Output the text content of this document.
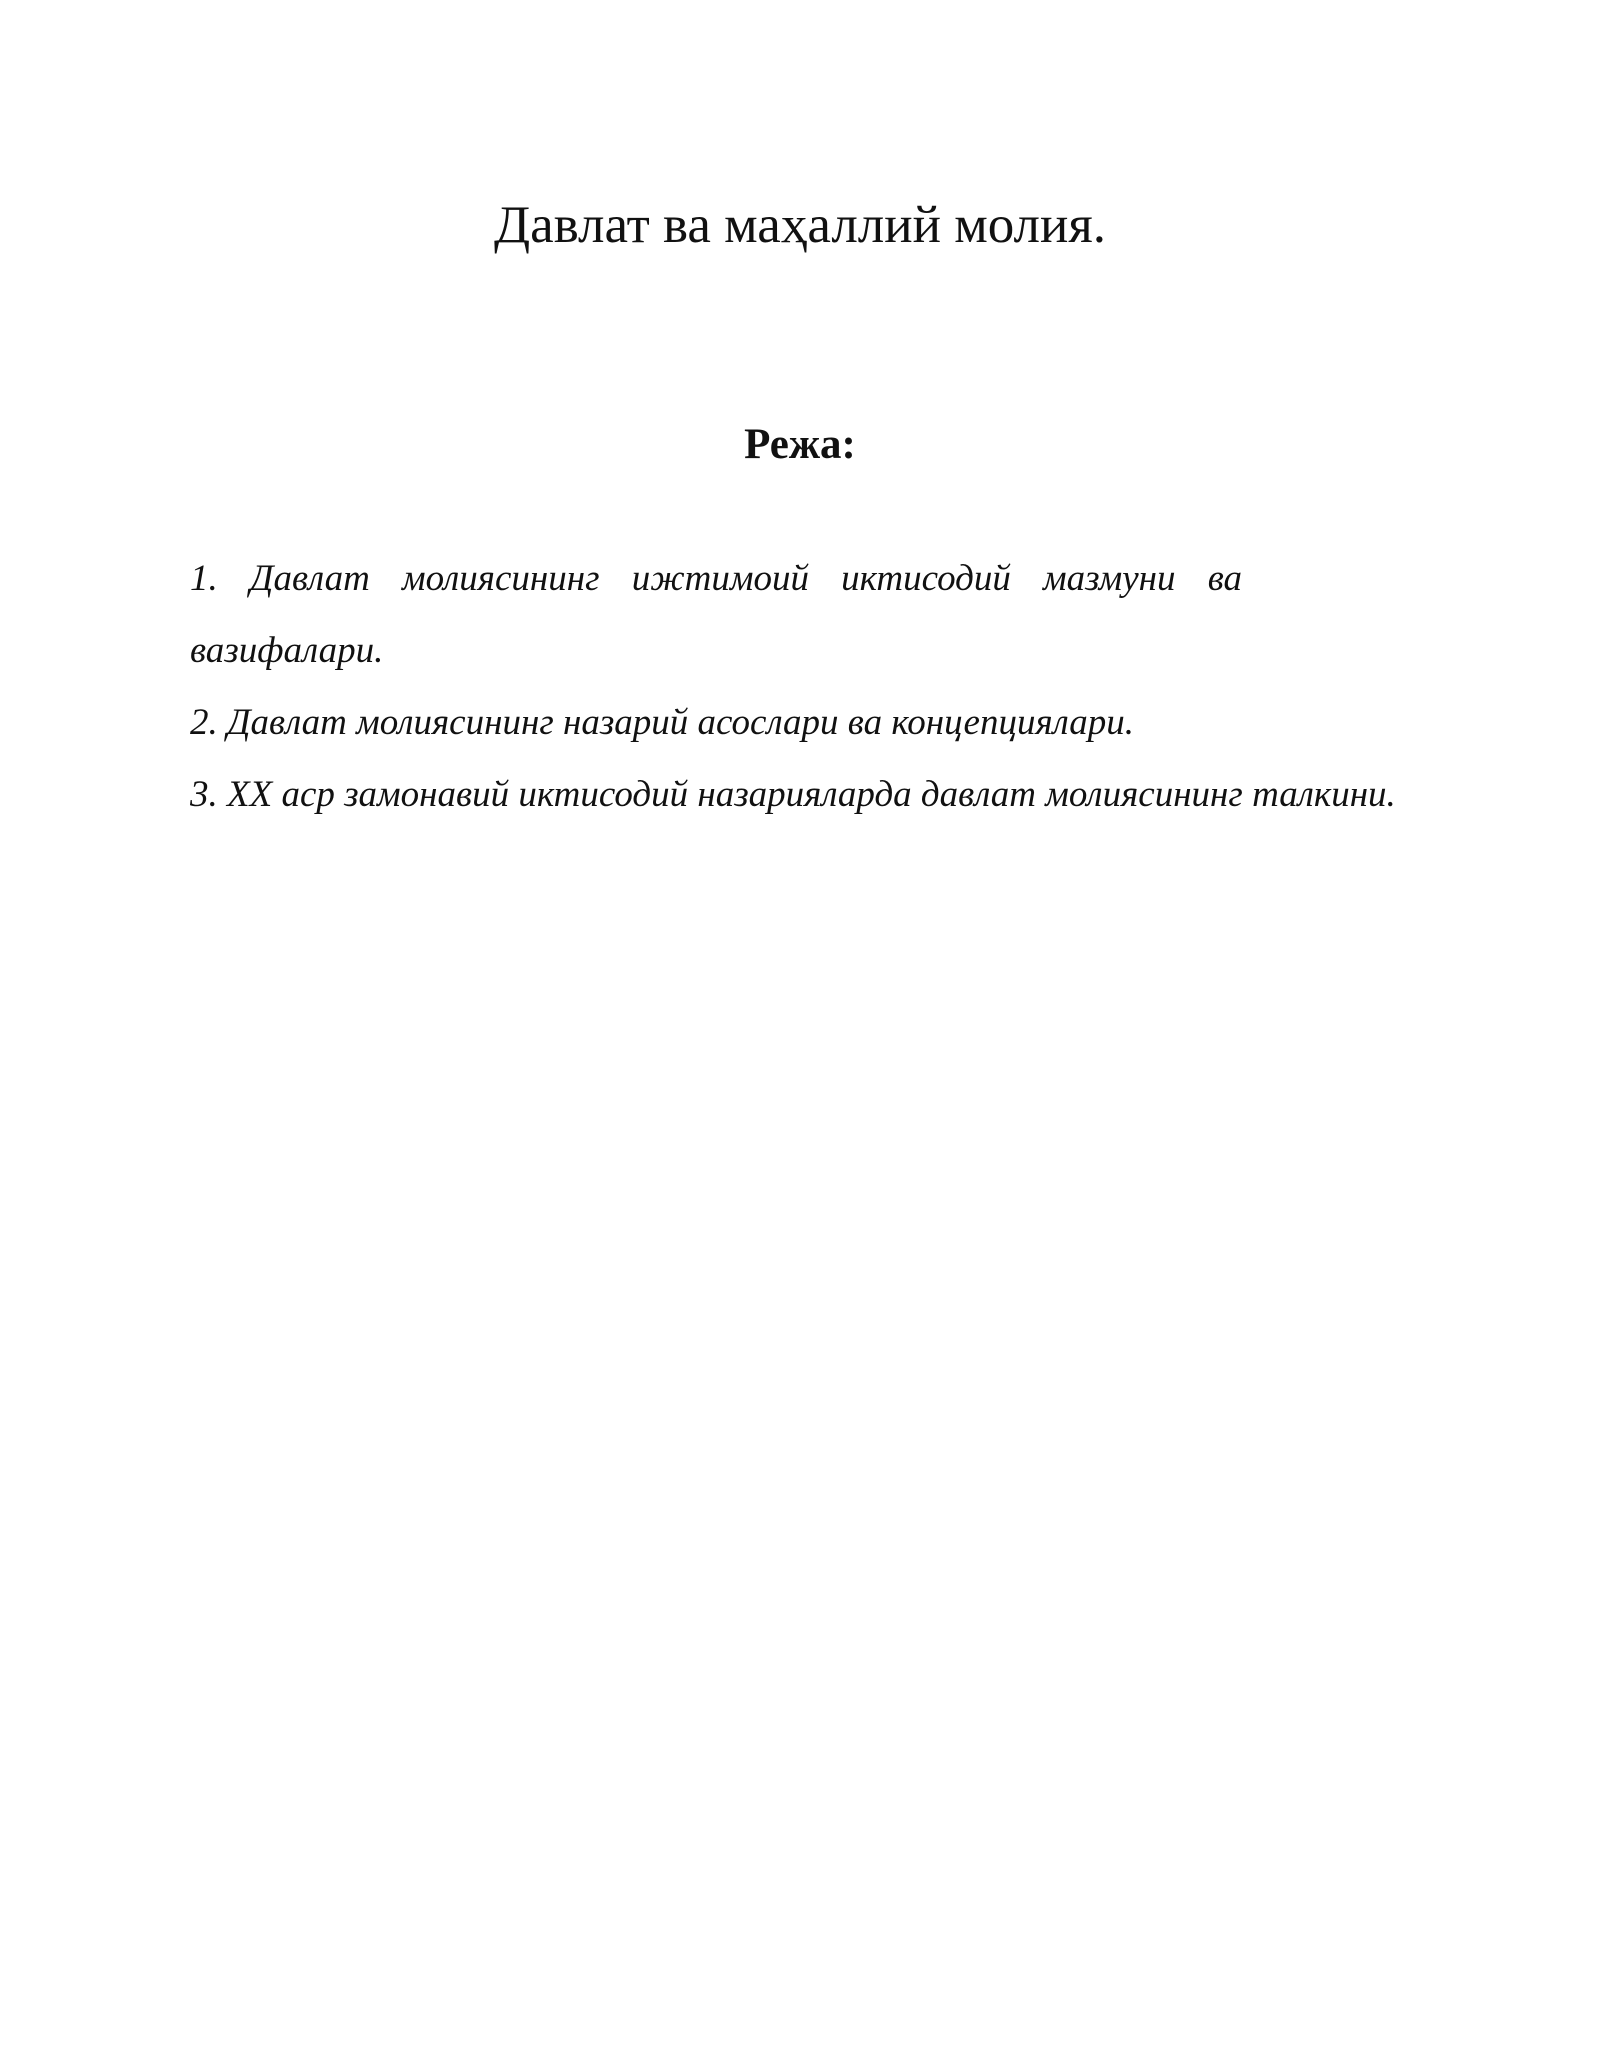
Давлат ва маҳаллий молия.
Режа:
1. Давлат молиясининг ижтимоий иктисодий мазмуни ва вазифалари.
2. Давлат молиясининг назарий асослари ва концепциялари.
3. XX аср замонавий иктисодий назарияларда давлат молиясининг талкини.
